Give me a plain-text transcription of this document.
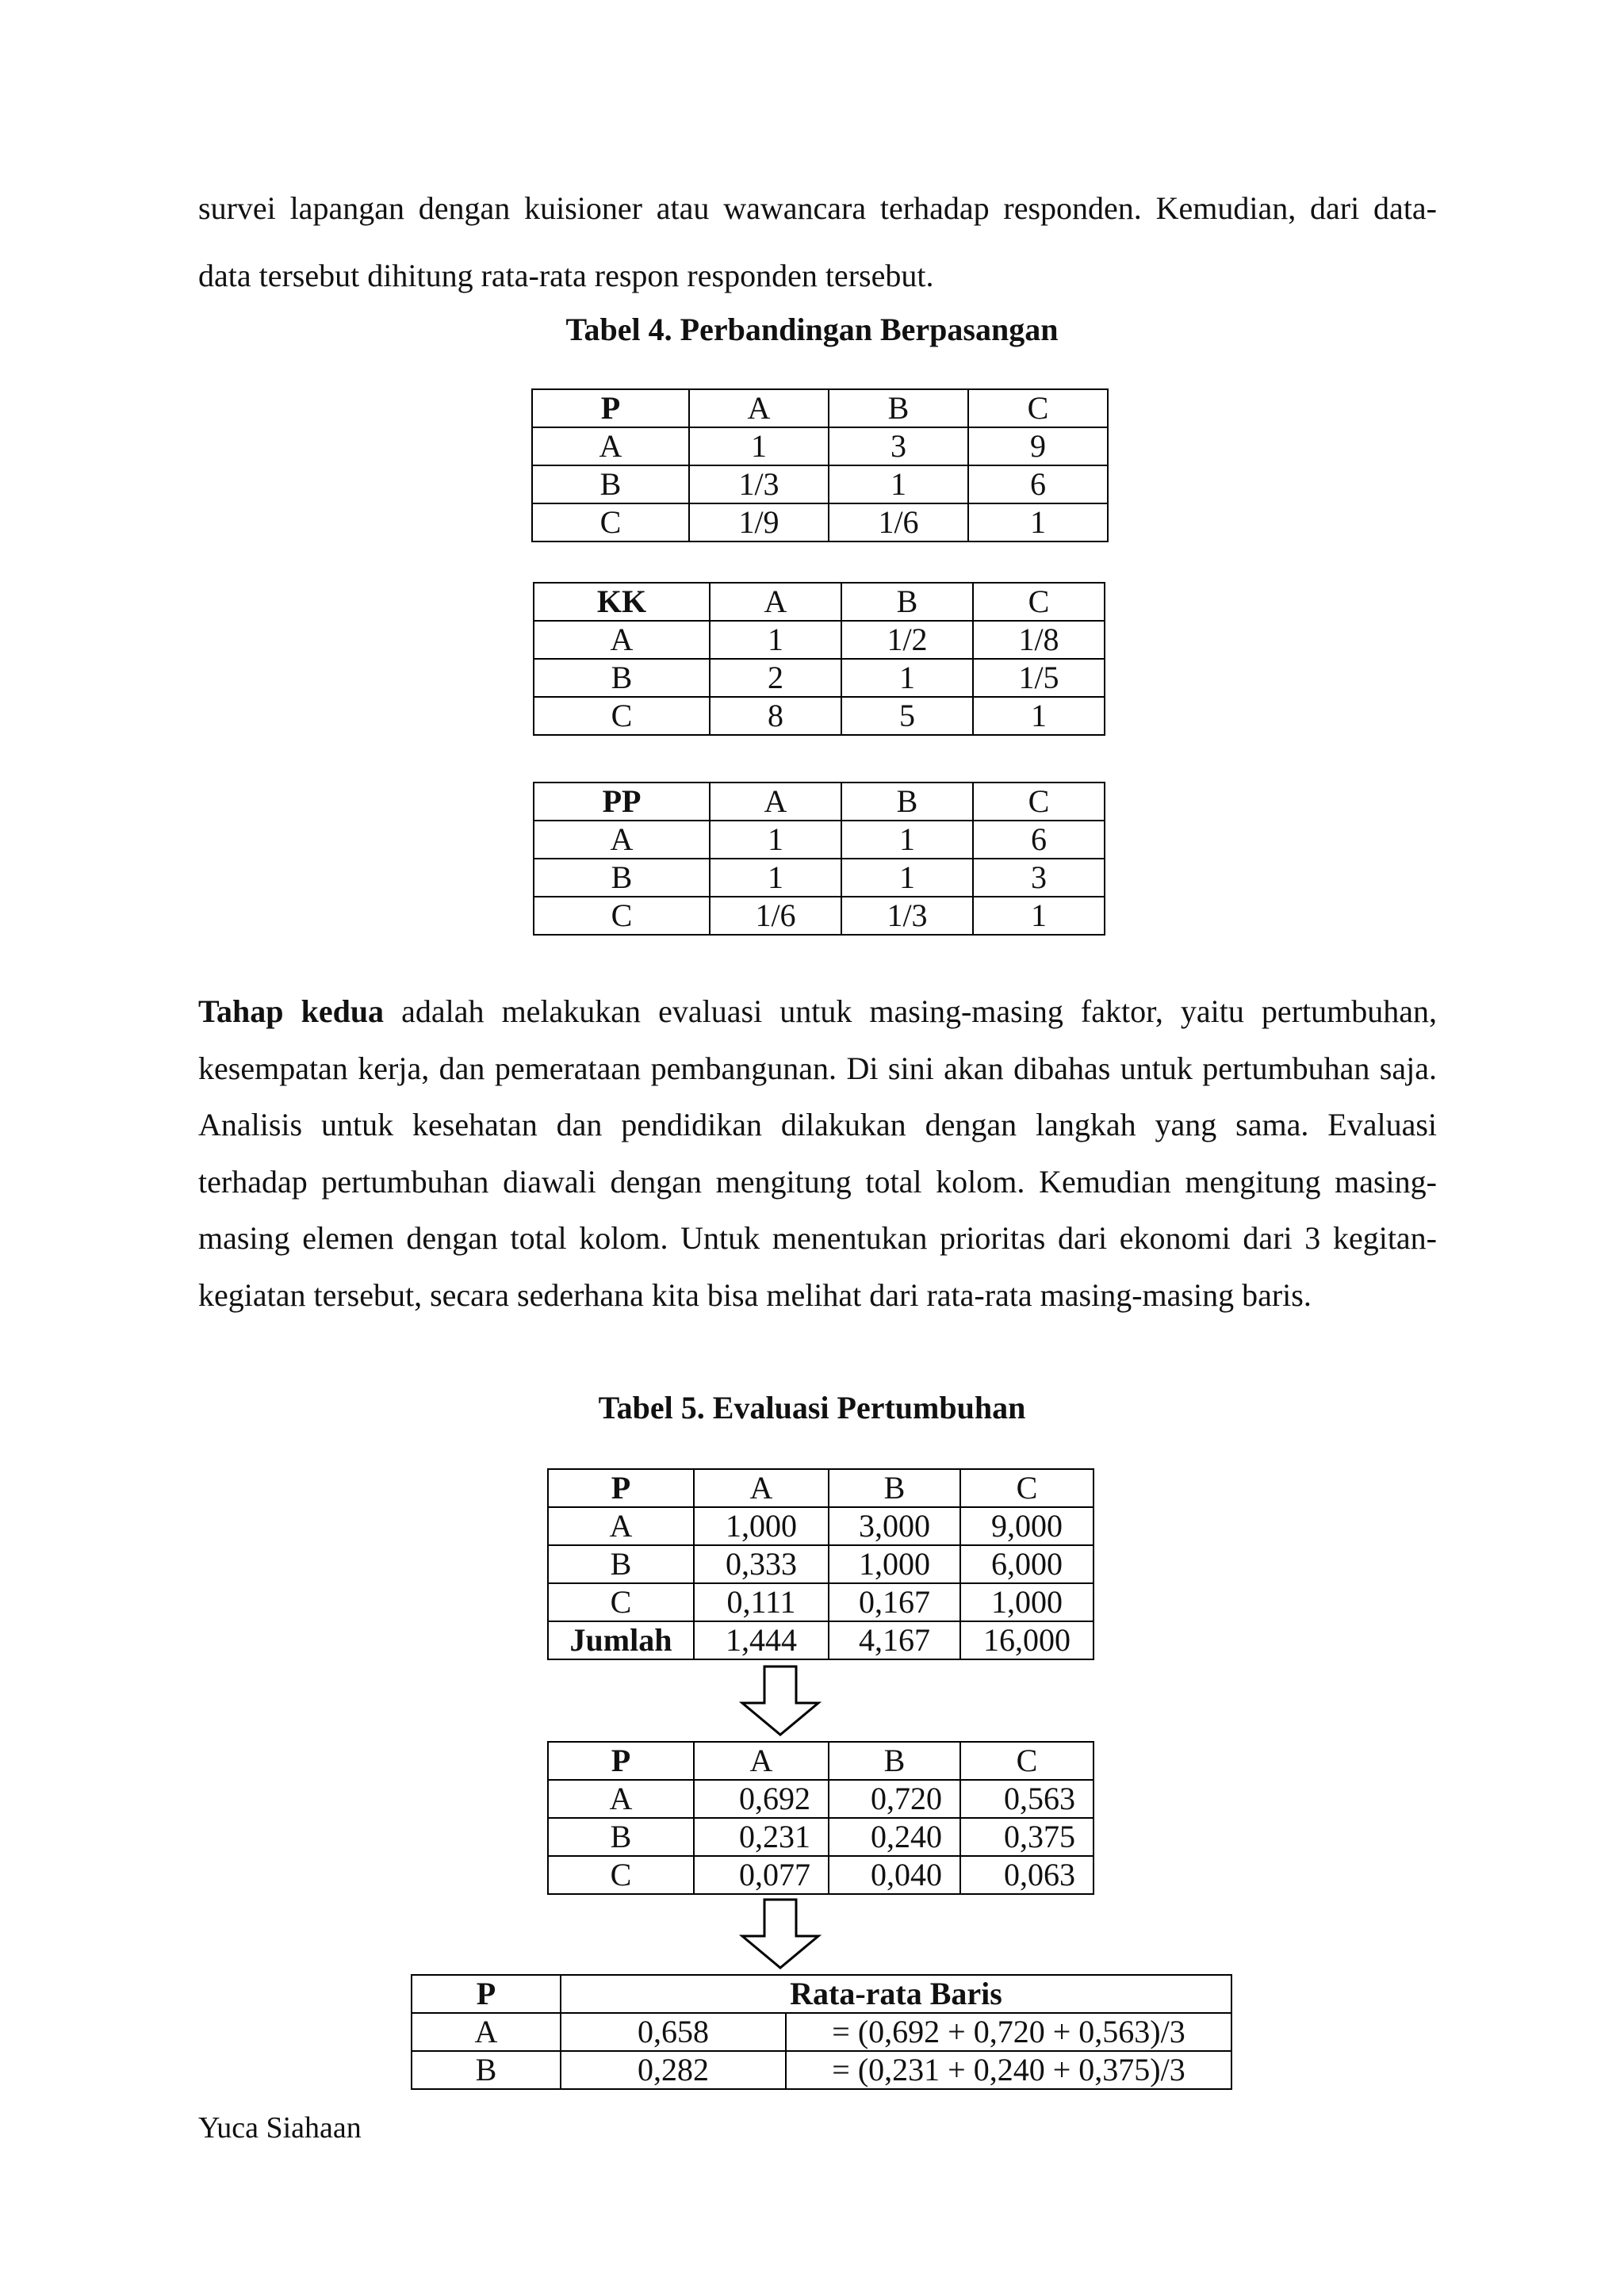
survei lapangan dengan kuisioner atau wawancara terhadap responden. Kemudian, dari data-

data tersebut dihitung rata-rata respon responden tersebut.

Tabel 4. Perbandingan Berpasangan

P	A	B	C
A	1	3	9
B	1/3	1	6
C	1/9	1/6	1
KK	A	B	C
A	1	1/2	1/8
B	2	1	1/5
C	8	5	1
PP	A	B	C
A	1	1	6
B	1	1	3
C	1/6	1/3	1

Tahap kedua adalah melakukan evaluasi untuk masing-masing faktor, yaitu pertumbuhan, kesempatan kerja, dan pemerataan pembangunan. Di sini akan dibahas untuk pertumbuhan saja. Analisis untuk kesehatan dan pendidikan dilakukan dengan langkah yang sama. Evaluasi terhadap pertumbuhan diawali dengan mengitung total kolom. Kemudian mengitung masing-masing elemen dengan total kolom. Untuk menentukan prioritas dari ekonomi dari 3 kegitan-kegiatan tersebut, secara sederhana kita bisa melihat dari rata-rata masing-masing baris.

Tabel 5. Evaluasi Pertumbuhan

P	A	B	C
A	1,000	3,000	9,000
B	0,333	1,000	6,000
C	0,111	0,167	1,000
Jumlah	1,444	4,167	16,000
P	A	B	C
A	0,692	0,720	0,563
B	0,231	0,240	0,375
C	0,077	0,040	0,063
P	Rata-rata Baris	
A	0,658	= (0,692 + 0,720 + 0,563)/3
B	0,282	= (0,231 + 0,240 + 0,375)/3
Yuca Siahaan
